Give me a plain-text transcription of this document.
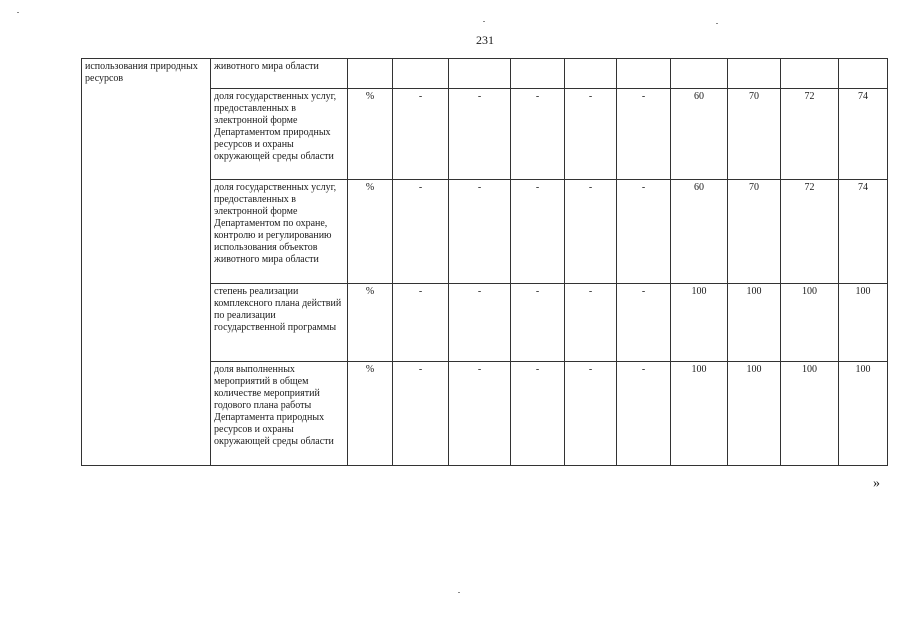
231
использования природных ресурсов	животного мира области										
	доля государственных услуг, предоставленных в электронной форме Департаментом природных ресурсов и охраны окружающей среды области	%	-	-	-	-	-	60	70	72	74
	доля государственных услуг, предоставленных в электронной форме Департаментом по охране, контролю и регулированию использования объектов животного мира области	%	-	-	-	-	-	60	70	72	74
	степень реализации комплексного плана действий по реализации государственной программы	%	-	-	-	-	-	100	100	100	100
	доля выполненных мероприятий в общем количестве мероприятий годового плана работы Департамента природных ресурсов и охраны окружающей среды области	%	-	-	-	-	-	100	100	100	100
»
